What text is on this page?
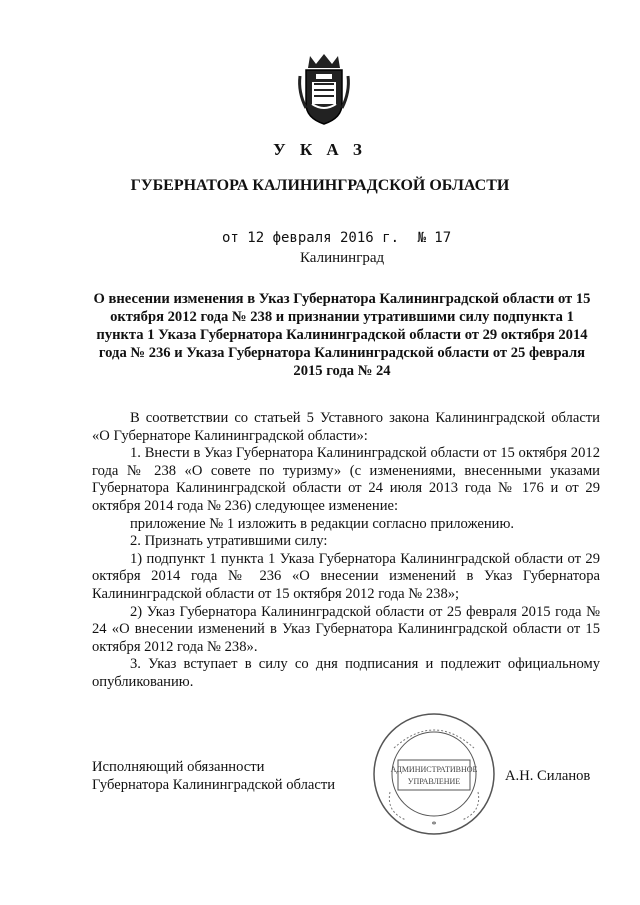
У К А З
ГУБЕРНАТОРА КАЛИНИНГРАДСКОЙ ОБЛАСТИ
от 12 февраля 2016 г. № 17
Калининград
О внесении изменения в Указ Губернатора Калининградской области от 15 октября 2012 года № 238 и признании утратившими силу подпункта 1 пункта 1 Указа Губернатора Калининградской области от 29 октября 2014 года № 236 и Указа Губернатора Калининградской области от 25 февраля 2015 года № 24

В соответствии со статьей 5 Уставного закона Калининградской области «О Губернаторе Калининградской области»:

1. Внести в Указ Губернатора Калининградской области от 15 октября 2012 года № 238 «О совете по туризму» (с изменениями, внесенными указами Губернатора Калининградской области от 24 июля 2013 года № 176 и от 29 октября 2014 года № 236) следующее изменение:

приложение № 1 изложить в редакции согласно приложению.

2. Признать утратившими силу:

1) подпункт 1 пункта 1 Указа Губернатора Калининградской области от 29 октября 2014 года № 236 «О внесении изменений в Указ Губернатора Калининградской области от 15 октября 2012 года № 238»;

2) Указ Губернатора Калининградской области от 25 февраля 2015 года № 24 «О внесении изменений в Указ Губернатора Калининградской области от 15 октября 2012 года № 238».

3. Указ вступает в силу со дня подписания и подлежит официальному опубликованию.

Исполняющий обязанности
Губернатора Калининградской области
АДМИНИСТРАТИВНОЕ
УПРАВЛЕНИЕ
*
А.Н. Силанов
